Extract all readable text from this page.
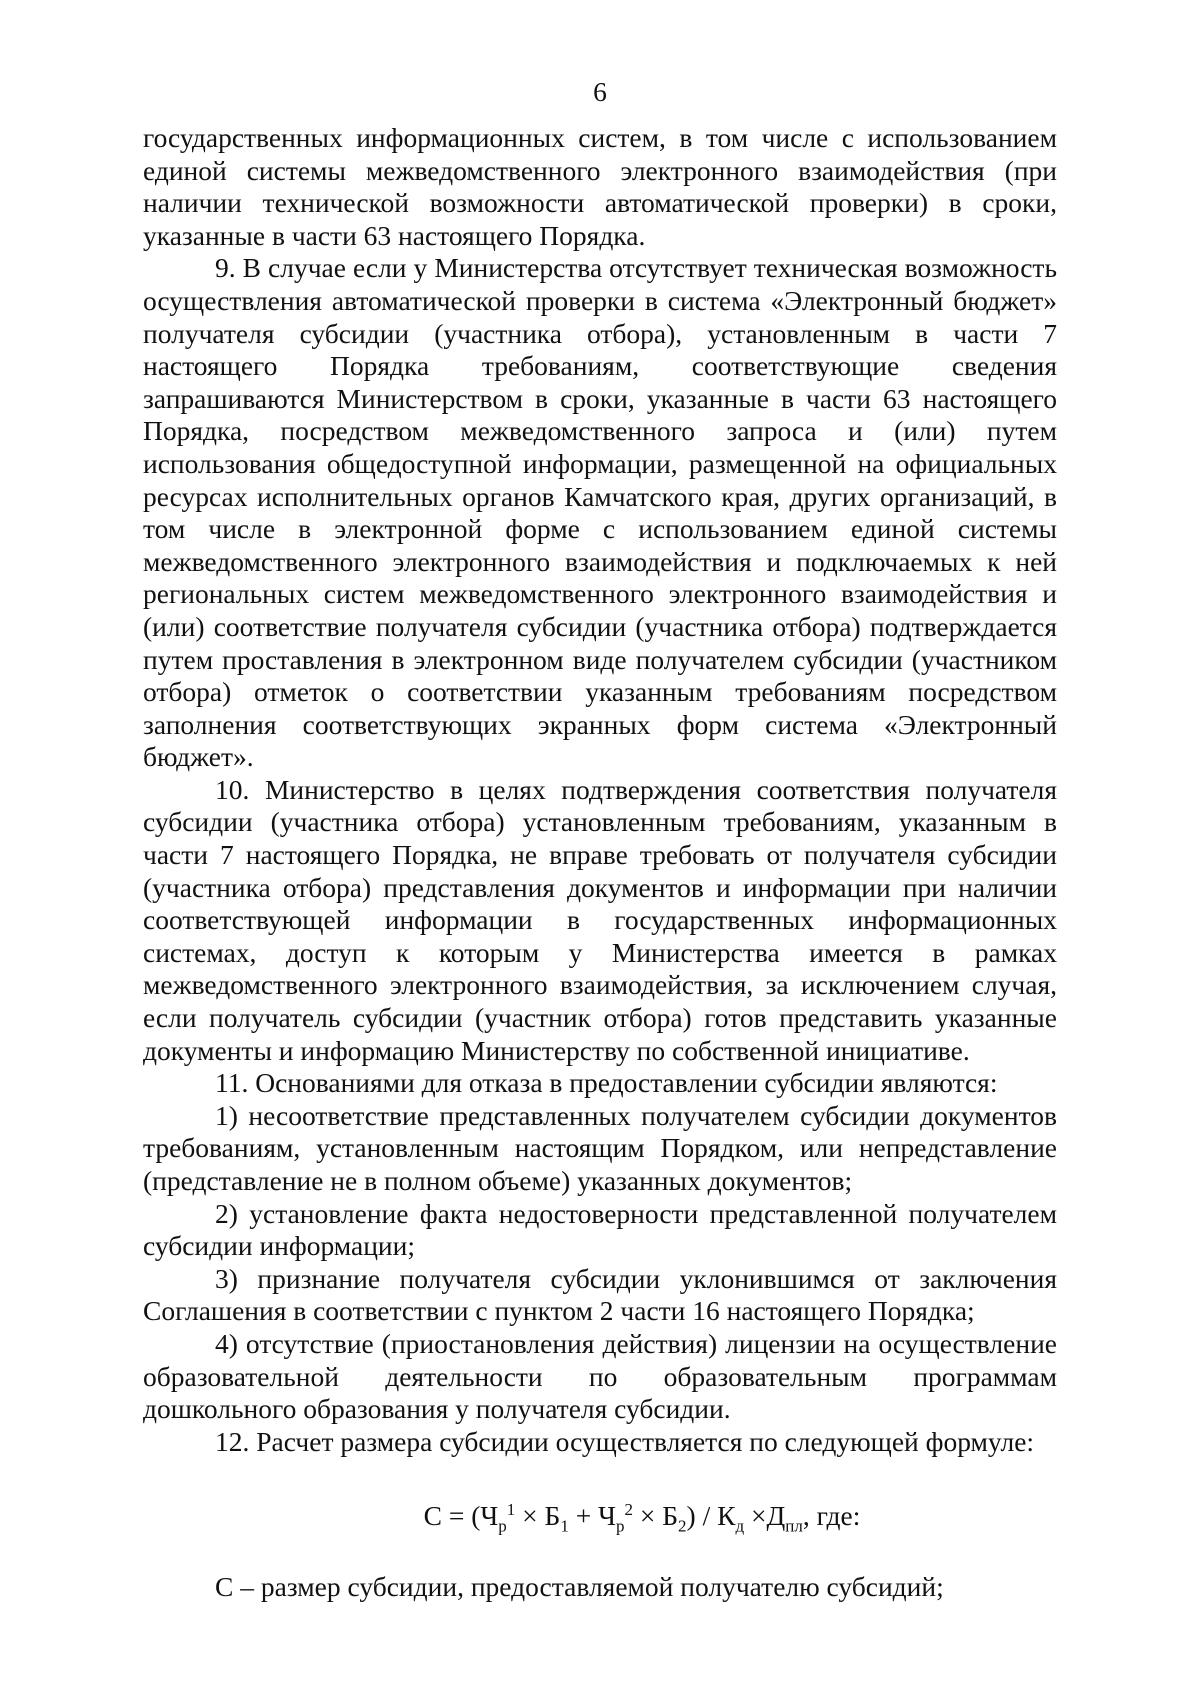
6

государственных информационных систем, в том числе с использованием единой системы межведомственного электронного взаимодействия (при наличии технической возможности автоматической проверки) в сроки, указанные в части 63 настоящего Порядка.

9. В случае если у Министерства отсутствует техническая возможность осуществления автоматической проверки в система «Электронный бюджет» получателя субсидии (участника отбора), установленным в части 7 настоящего Порядка требованиям, соответствующие сведения запрашиваются Министерством в сроки, указанные в части 63 настоящего Порядка, посредством межведомственного запроса и (или) путем использования общедоступной информации, размещенной на официальных ресурсах исполнительных органов Камчатского края, других организаций, в том числе в электронной форме с использованием единой системы межведомственного электронного взаимодействия и подключаемых к ней региональных систем межведомственного электронного взаимодействия и (или) соответствие получателя субсидии (участника отбора) подтверждается путем проставления в электронном виде получателем субсидии (участником отбора) отметок о соответствии указанным требованиям посредством заполнения соответствующих экранных форм система «Электронный бюджет».

10. Министерство в целях подтверждения соответствия получателя субсидии (участника отбора) установленным требованиям, указанным в части 7 настоящего Порядка, не вправе требовать от получателя субсидии (участника отбора) представления документов и информации при наличии соответствующей информации в государственных информационных системах, доступ к которым у Министерства имеется в рамках межведомственного электронного взаимодействия, за исключением случая, если получатель субсидии (участник отбора) готов представить указанные документы и информацию Министерству по собственной инициативе.

11. Основаниями для отказа в предоставлении субсидии являются:

1) несоответствие представленных получателем субсидии документов требованиям, установленным настоящим Порядком, или непредставление (представление не в полном объеме) указанных документов;

2) установление факта недостоверности представленной получателем субсидии информации;

3) признание получателя субсидии уклонившимся от заключения Соглашения в соответствии с пунктом 2 части 16 настоящего Порядка;

4) отсутствие (приостановления действия) лицензии на осуществление образовательной деятельности по образовательным программам дошкольного образования у получателя субсидии.

12. Расчет размера субсидии осуществляется по следующей формуле:

$С = (Ч_р^1 \times Б_1 + Ч_р^2 \times Б_2) / К_д \times Д_{пл}$, где:

С – размер субсидии, предоставляемой получателю субсидий;
